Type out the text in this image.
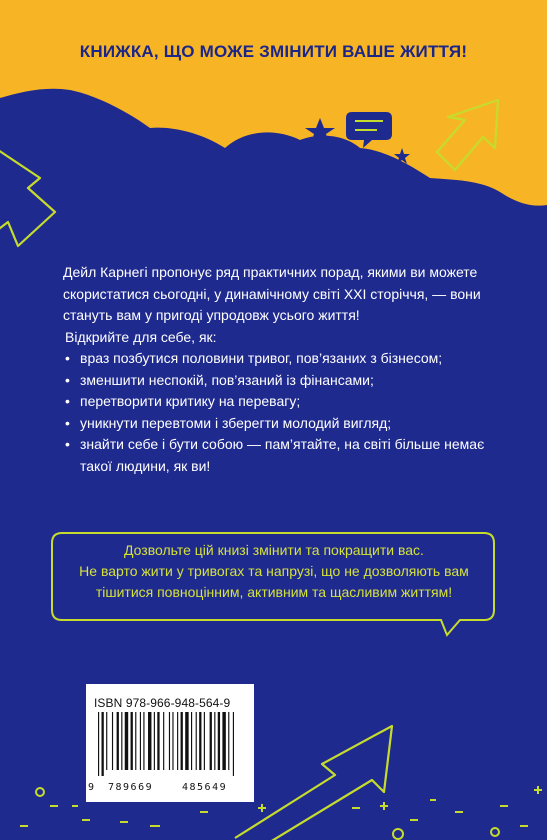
КНИЖКА, ЩО МОЖЕ ЗМІНИТИ ВАШЕ ЖИТТЯ!

Дейл Карнегі пропонує ряд практичних порад, якими ви можете скористатися сьогодні, у динамічному світі XXI сторіччя, — вони стануть вам у пригоді упродовж усього життя!

Відкрийте для себе, як:

• враз позбутися половини тривог, пов’язаних з бізнесом;
• зменшити неспокій, пов’язаний із фінансами;
• перетворити критику на перевагу;
• уникнути перевтоми і зберегти молодий вигляд;
• знайти себе і бути собою — пам’ятайте, на світі більше немає такої людини, як ви!

Дозвольте цій книзі змінити та покращити вас.

Не варто жити у тривогах та напрузі, що не дозволяють вам тішитися повноцінним, активним та щасливим життям!

ISBN 978-966-948-564-9
9 789669	485649
